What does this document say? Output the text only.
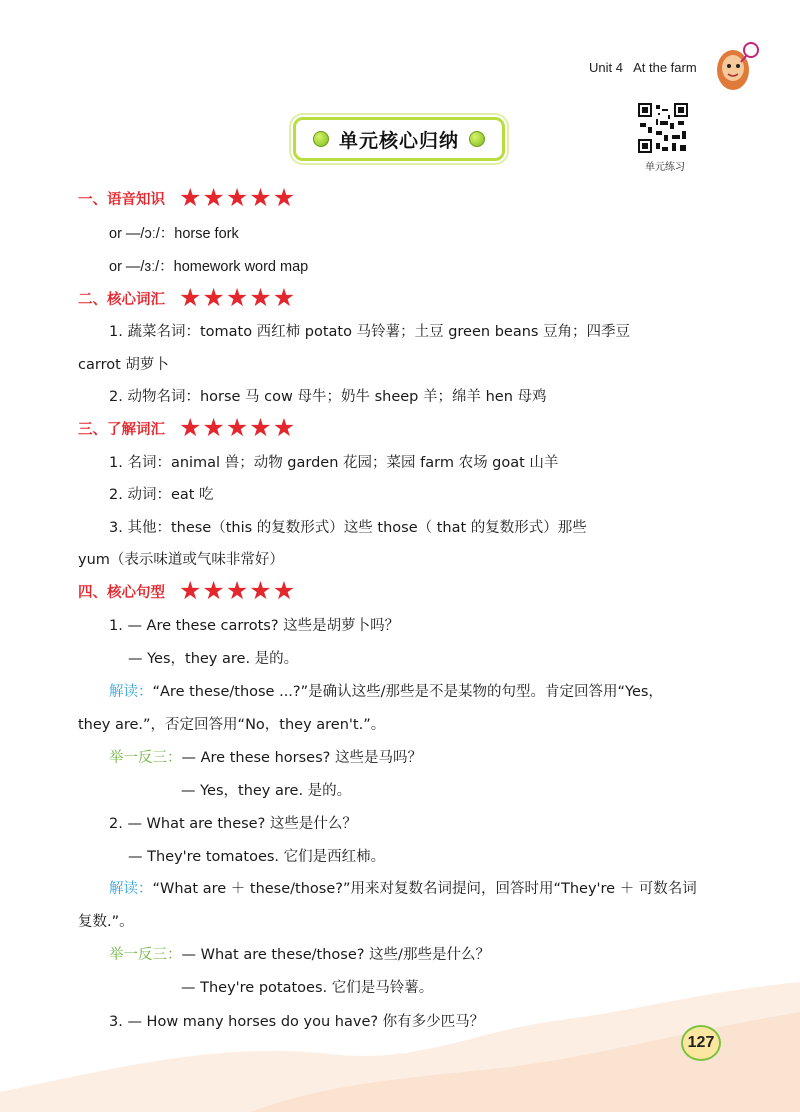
Unit 4   At the farm
单元练习
单元核心归纳
一、语音知识 ★ ★ ★ ★ ★
or —/ɔː/：horse fork
or —/ɜː/：homework word map
二、核心词汇 ★ ★ ★ ★ ★
1. 蔬菜名词：tomato 西红柿 potato 马铃薯；土豆 green beans 豆角；四季豆
carrot 胡萝卜
2. 动物名词：horse 马 cow 母牛；奶牛 sheep 羊；绵羊 hen 母鸡
三、了解词汇 ★ ★ ★ ★ ★
1. 名词：animal 兽；动物 garden 花园；菜园 farm 农场 goat 山羊
2. 动词：eat 吃
3. 其他：these（this 的复数形式）这些 those（ that 的复数形式）那些
yum（表示味道或气味非常好）
四、核心句型 ★ ★ ★ ★ ★
1. — Are these carrots? 这些是胡萝卜吗？
— Yes，they are. 是的。
解读：“Are these/those ...?”是确认这些/那些是不是某物的句型。肯定回答用“Yes，
they are.”，否定回答用“No，they aren't.”。
举一反三：— Are these horses? 这些是马吗？
— Yes，they are. 是的。
2. — What are these? 这些是什么？
— They're tomatoes. 它们是西红柿。
解读：“What are ＋ these/those?”用来对复数名词提问，回答时用“They're ＋ 可数名词
复数.”。
举一反三：— What are these/those? 这些/那些是什么？
— They're potatoes. 它们是马铃薯。
3. — How many horses do you have? 你有多少匹马？
127
